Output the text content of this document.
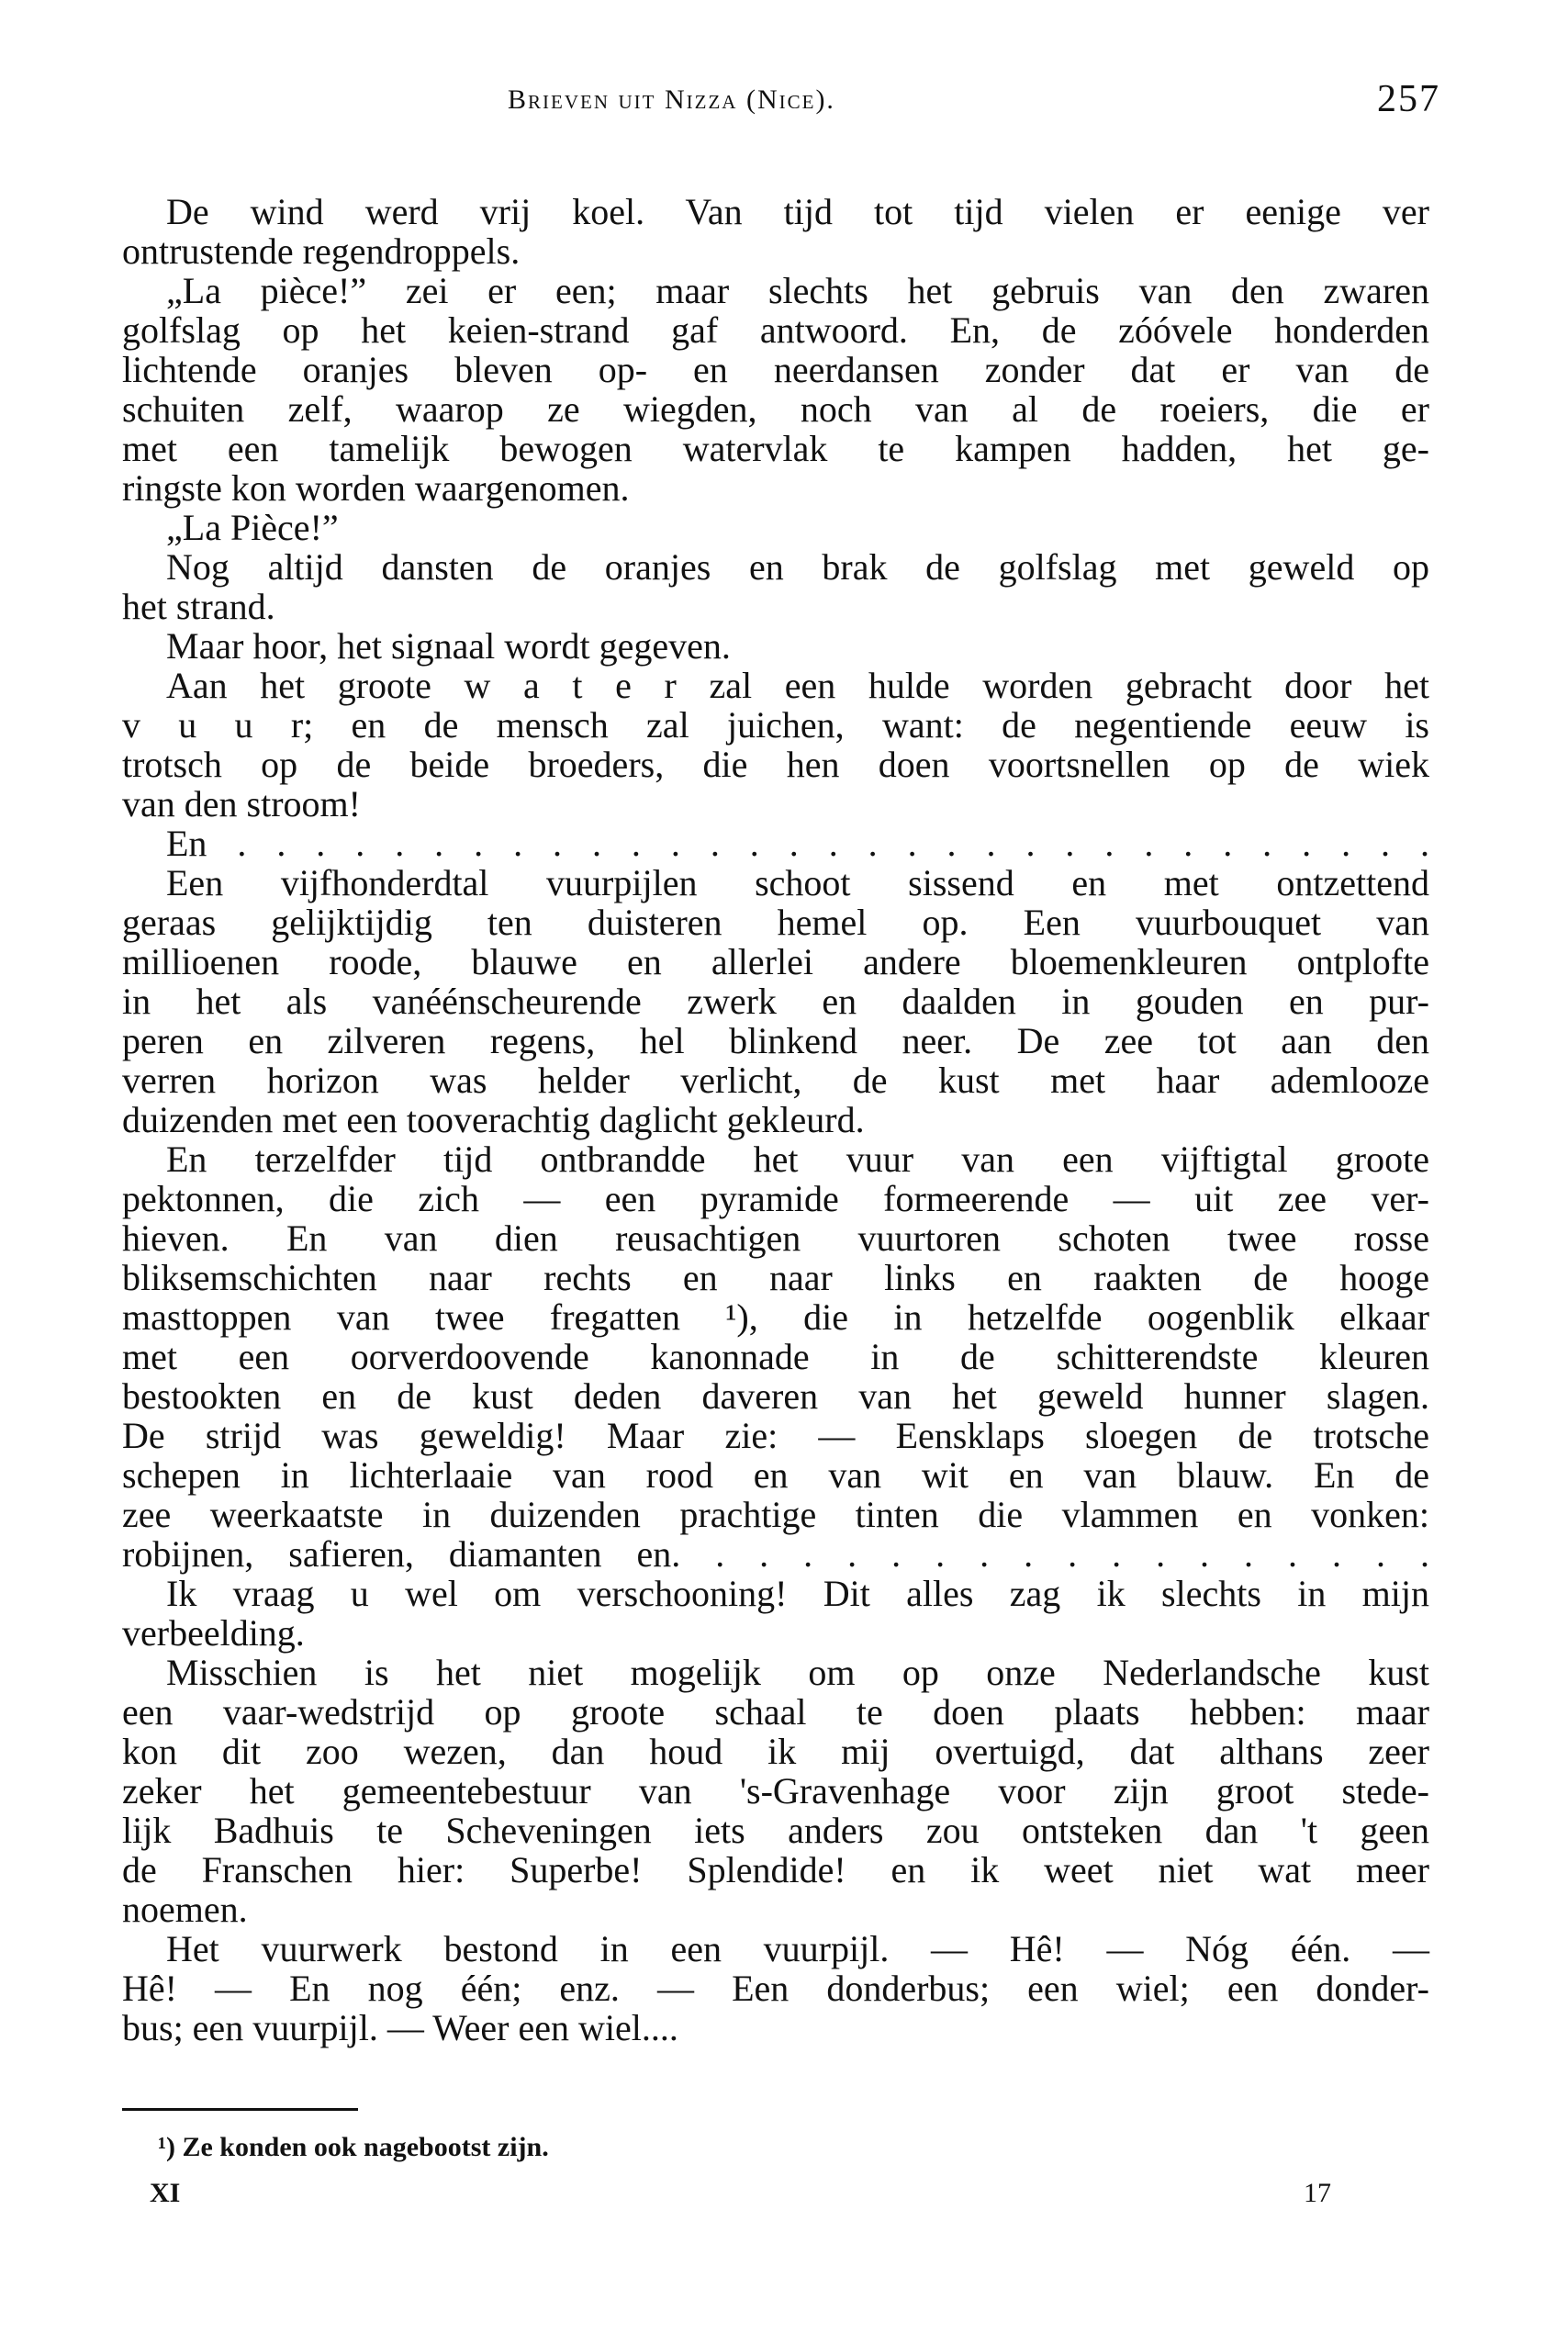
Brieven uit Nizza (Nice).	257
De wind werd vrij koel. Van tijd tot tijd vielen er eenige ver
ontrustende regendroppels.
„La pièce!” zei er een; maar slechts het gebruis van den zwaren
golfslag op het keien-strand gaf antwoord. En, de zóóvele honderden
lichtende oranjes bleven op- en neerdansen zonder dat er van de
schuiten zelf, waarop ze wiegden, noch van al de roeiers, die er
met een tamelijk bewogen watervlak te kampen hadden, het ge-
ringste kon worden waargenomen.
„La Pièce!”
Nog altijd dansten de oranjes en brak de golfslag met geweld op
het strand.
Maar hoor, het signaal wordt gegeven.
Aan het groote w a t e r zal een hulde worden gebracht door het
v u u r; en de mensch zal juichen, want: de negentiende eeuw is
trotsch op de beide broeders, die hen doen voortsnellen op de wiek
van den stroom!
En . . . . . . . . . . . . . . . . . . . . . . . . . . . . . . .
Een vijfhonderdtal vuurpijlen schoot sissend en met ontzettend
geraas gelijktijdig ten duisteren hemel op. Een vuurbouquet van
millioenen roode, blauwe en allerlei andere bloemenkleuren ontplofte
in het als vanéénscheurende zwerk en daalden in gouden en pur-
peren en zilveren regens, hel blinkend neer. De zee tot aan den
verren horizon was helder verlicht, de kust met haar ademlooze
duizenden met een tooverachtig daglicht gekleurd.
En terzelfder tijd ontbrandde het vuur van een vijftigtal groote
pektonnen, die zich — een pyramide formeerende — uit zee ver-
hieven. En van dien reusachtigen vuurtoren schoten twee rosse
bliksemschichten naar rechts en naar links en raakten de hooge
masttoppen van twee fregatten ¹), die in hetzelfde oogenblik elkaar
met een oorverdoovende kanonnade in de schitterendste kleuren
bestookten en de kust deden daveren van het geweld hunner slagen.
De strijd was geweldig! Maar zie: — Eensklaps sloegen de trotsche
schepen in lichterlaaie van rood en van wit en van blauw. En de
zee weerkaatste in duizenden prachtige tinten die vlammen en vonken:
robijnen, safieren, diamanten en. . . . . . . . . . . . . . . . . .
Ik vraag u wel om verschooning! Dit alles zag ik slechts in mijn
verbeelding.
Misschien is het niet mogelijk om op onze Nederlandsche kust
een vaar-wedstrijd op groote schaal te doen plaats hebben: maar
kon dit zoo wezen, dan houd ik mij overtuigd, dat althans zeer
zeker het gemeentebestuur van 's-Gravenhage voor zijn groot stede-
lijk Badhuis te Scheveningen iets anders zou ontsteken dan 't geen
de Franschen hier: Superbe! Splendide! en ik weet niet wat meer
noemen.
Het vuurwerk bestond in een vuurpijl. — Hê! — Nóg één. —
Hê! — En nog één; enz. — Een donderbus; een wiel; een donder-
bus; een vuurpijl. — Weer een wiel....
¹) Ze konden ook nagebootst zijn.
XI	17
